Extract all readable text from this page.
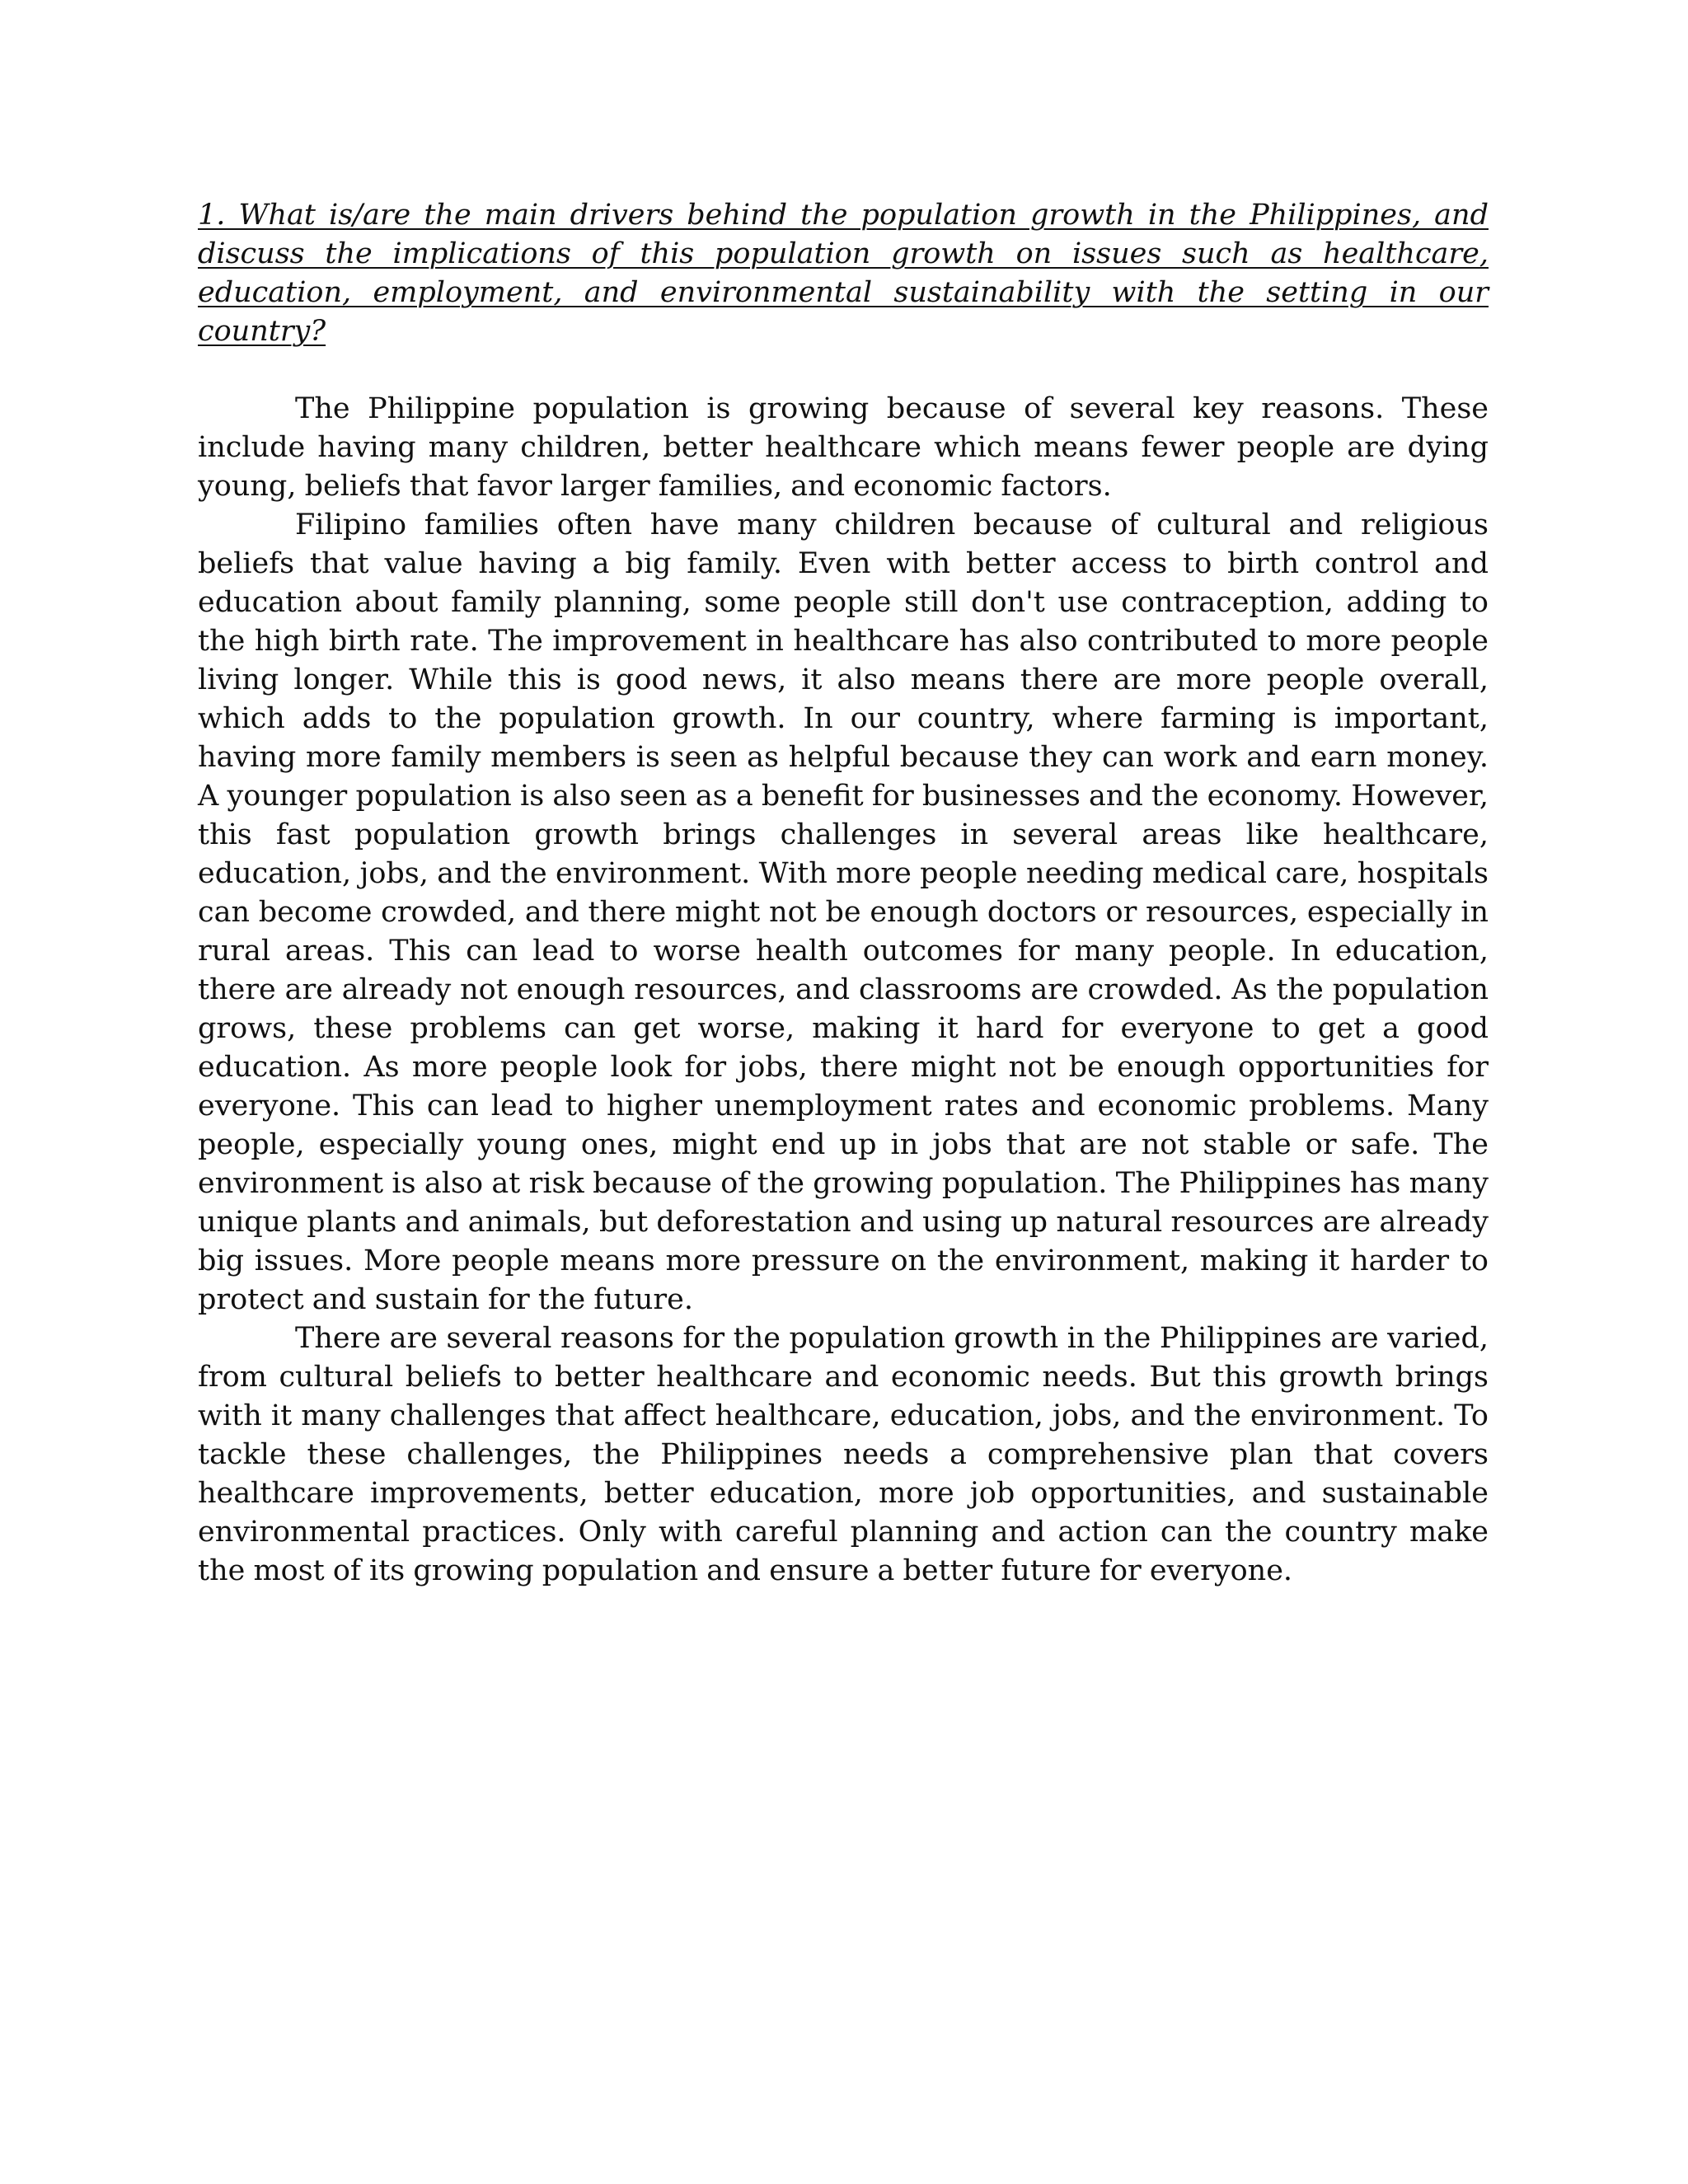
1. What is/are the main drivers behind the population growth in the Philippines, and discuss the implications of this population growth on issues such as healthcare, education, employment, and environmental sustainability with the setting in our country?

The Philippine population is growing because of several key reasons. These include having many children, better healthcare which means fewer people are dying young, beliefs that favor larger families, and economic factors.

Filipino families often have many children because of cultural and religious beliefs that value having a big family. Even with better access to birth control and education about family planning, some people still don't use contraception, adding to the high birth rate. The improvement in healthcare has also contributed to more people living longer. While this is good news, it also means there are more people overall, which adds to the population growth. In our country, where farming is important, having more family members is seen as helpful because they can work and earn money. A younger population is also seen as a benefit for businesses and the economy. However, this fast population growth brings challenges in several areas like healthcare, education, jobs, and the environment. With more people needing medical care, hospitals can become crowded, and there might not be enough doctors or resources, especially in rural areas. This can lead to worse health outcomes for many people. In education, there are already not enough resources, and classrooms are crowded. As the population grows, these problems can get worse, making it hard for everyone to get a good education. As more people look for jobs, there might not be enough opportunities for everyone. This can lead to higher unemployment rates and economic problems. Many people, especially young ones, might end up in jobs that are not stable or safe. The environment is also at risk because of the growing population. The Philippines has many unique plants and animals, but deforestation and using up natural resources are already big issues. More people means more pressure on the environment, making it harder to protect and sustain for the future.

There are several reasons for the population growth in the Philippines are varied, from cultural beliefs to better healthcare and economic needs. But this growth brings with it many challenges that affect healthcare, education, jobs, and the environment. To tackle these challenges, the Philippines needs a comprehensive plan that covers healthcare improvements, better education, more job opportunities, and sustainable environmental practices. Only with careful planning and action can the country make the most of its growing population and ensure a better future for everyone.
